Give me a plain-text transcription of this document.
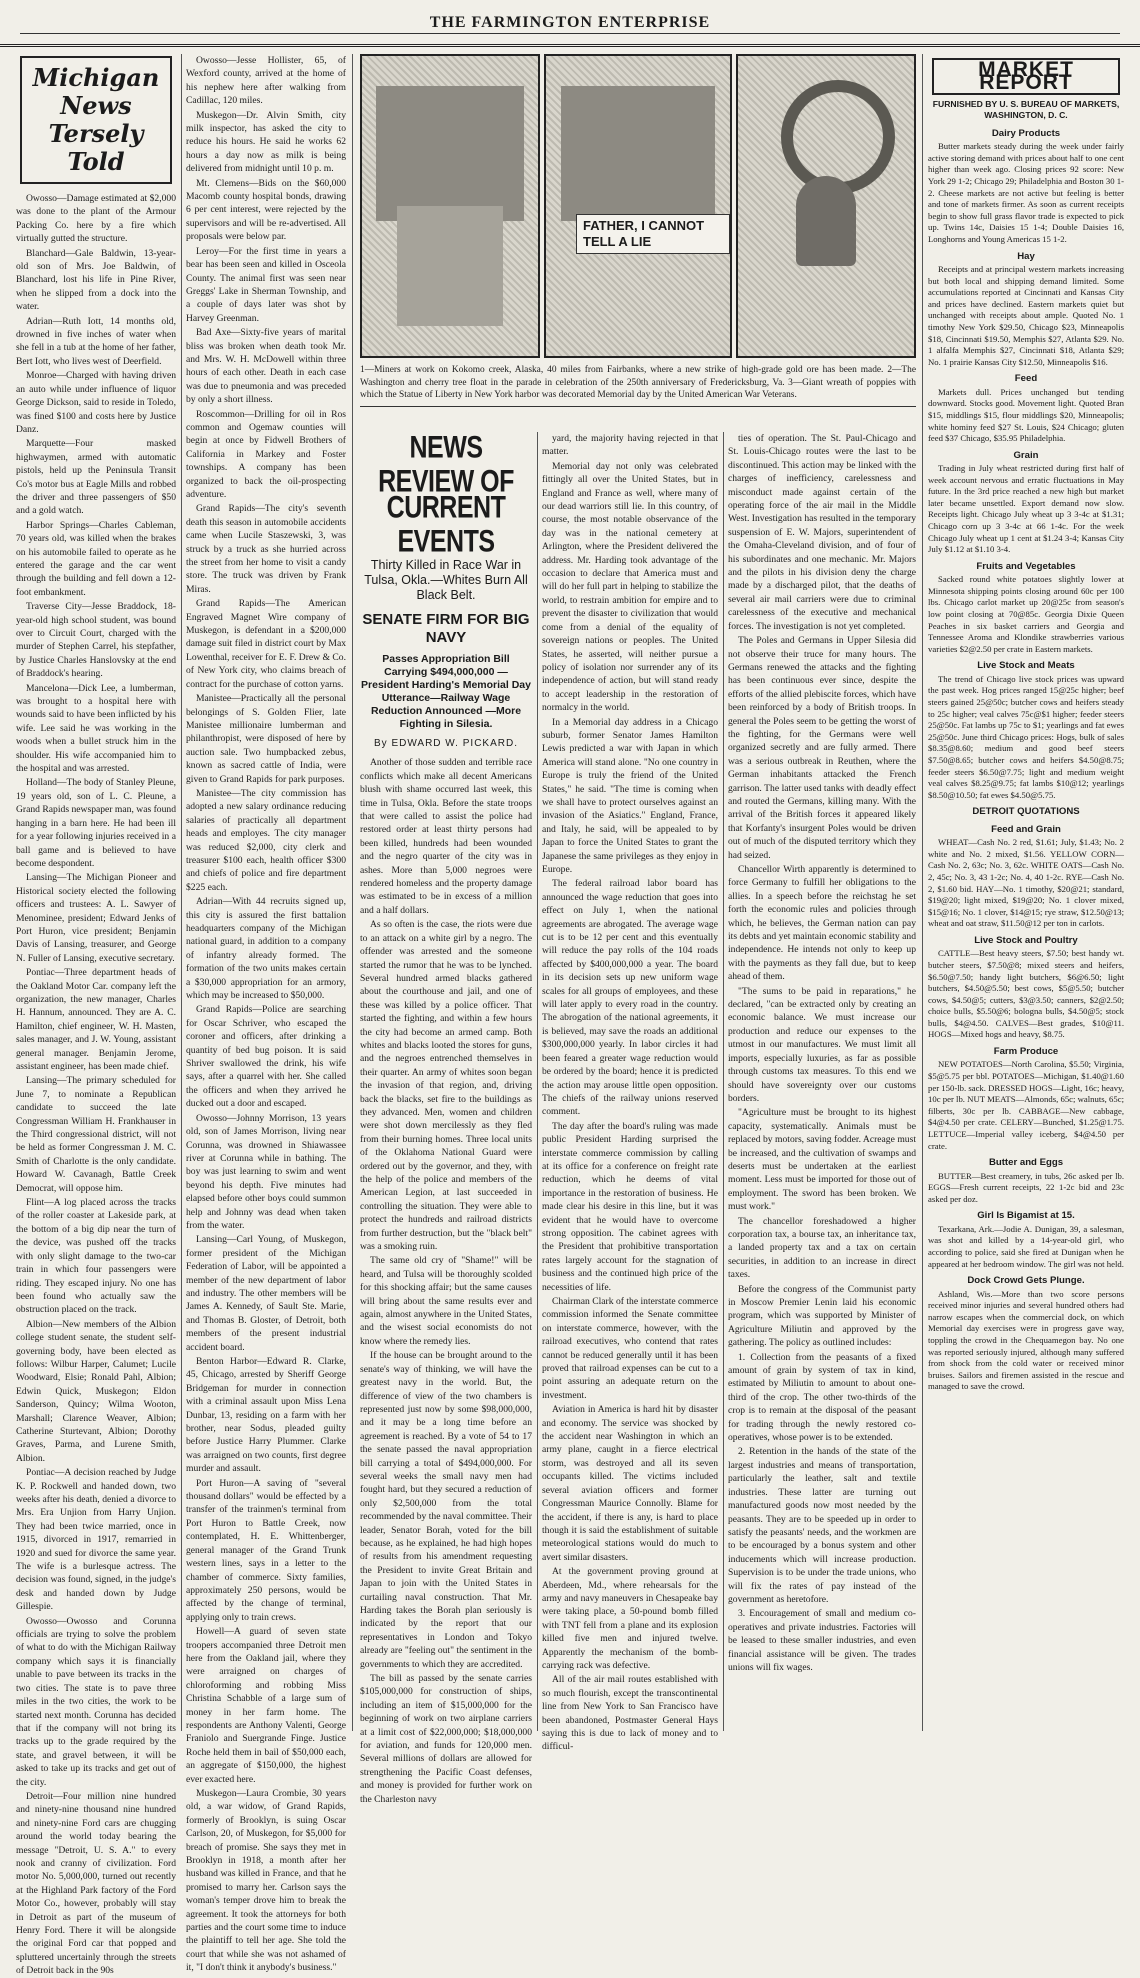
THE FARMINGTON ENTERPRISE
Michigan News
Tersely Told

Owosso—Damage estimated at $2,000 was done to the plant of the Armour Packing Co. here by a fire which virtually gutted the structure.

Blanchard—Gale Baldwin, 13-year-old son of Mrs. Joe Baldwin, of Blanchard, lost his life in Pine River, when he slipped from a dock into the water.

Adrian—Ruth Iott, 14 months old, drowned in five inches of water when she fell in a tub at the home of her father, Bert Iott, who lives west of Deerfield.

Monroe—Charged with having driven an auto while under influence of liquor George Dickson, said to reside in Toledo, was fined $100 and costs here by Justice Danz.

Marquette—Four masked highwaymen, armed with automatic pistols, held up the Peninsula Transit Co's motor bus at Eagle Mills and robbed the driver and three passengers of $50 and a gold watch.

Harbor Springs—Charles Cableman, 70 years old, was killed when the brakes on his automobile failed to operate as he entered the garage and the car went through the building and fell down a 12-foot embankment.

Traverse City—Jesse Braddock, 18-year-old high school student, was bound over to Circuit Court, charged with the murder of Stephen Carrel, his stepfather, by Justice Charles Hanslovsky at the end of Braddock's hearing.

Mancelona—Dick Lee, a lumberman, was brought to a hospital here with wounds said to have been inflicted by his wife. Lee said he was working in the woods when a bullet struck him in the shoulder. His wife accompanied him to the hospital and was arrested.

Holland—The body of Stanley Pleune, 19 years old, son of L. C. Pleune, a Grand Rapids newspaper man, was found hanging in a barn here. He had been ill for a year following injuries received in a ball game and is believed to have become despondent.

Lansing—The Michigan Pioneer and Historical society elected the following officers and trustees: A. L. Sawyer of Menominee, president; Edward Jenks of Port Huron, vice president; Benjamin Davis of Lansing, treasurer, and George N. Fuller of Lansing, executive secretary.

Pontiac—Three department heads of the Oakland Motor Car. company left the organization, the new manager, Charles H. Hannum, announced. They are A. C. Hamilton, chief engineer, W. H. Masten, sales manager, and J. W. Young, assistant general manager. Benjamin Jerome, assistant engineer, has been made chief.

Lansing—The primary scheduled for June 7, to nominate a Republican candidate to succeed the late Congressman William H. Frankhauser in the Third congressional district, will not be held as former Congressman J. M. C. Smith of Charlotte is the only candidate. Howard W. Cavanagh, Battle Creek Democrat, will oppose him.

Flint—A log placed across the tracks of the roller coaster at Lakeside park, at the bottom of a big dip near the turn of the device, was pushed off the tracks with only slight damage to the two-car train in which four passengers were riding. They escaped injury. No one has been found who actually saw the obstruction placed on the track.

Albion—New members of the Albion college student senate, the student self-governing body, have been elected as follows: Wilbur Harper, Calumet; Lucile Woodward, Elsie; Ronald Pahl, Albion; Edwin Quick, Muskegon; Eldon Sanderson, Quincy; Wilma Wooton, Marshall; Clarence Weaver, Albion; Catherine Sturtevant, Albion; Dorothy Graves, Parma, and Lurene Smith, Albion.

Pontiac—A decision reached by Judge K. P. Rockwell and handed down, two weeks after his death, denied a divorce to Mrs. Era Unjion from Harry Unjion. They had been twice married, once in 1915, divorced in 1917, remarried in 1920 and sued for divorce the same year. The wife is a burlesque actress. The decision was found, signed, in the judge's desk and handed down by Judge Gillespie.

Owosso—Owosso and Corunna officials are trying to solve the problem of what to do with the Michigan Railway company which says it is financially unable to pave between its tracks in the two cities. The state is to pave three miles in the two cities, the work to be started next month. Corunna has decided that if the company will not bring its tracks up to the grade required by the state, and gravel between, it will be asked to take up its tracks and get out of the city.

Detroit—Four million nine hundred and ninety-nine thousand nine hundred and ninety-nine Ford cars are chugging around the world today bearing the message "Detroit, U. S. A." to every nook and cranny of civilization. Ford motor No. 5,000,000, turned out recently at the Highland Park factory of the Ford Motor Co., however, probably will stay in Detroit as part of the museum of Henry Ford. There it will be alongside the original Ford car that popped and spluttered uncertainly through the streets of Detroit back in the 90s

Owosso—Jesse Hollister, 65, of Wexford county, arrived at the home of his nephew here after walking from Cadillac, 120 miles.

Muskegon—Dr. Alvin Smith, city milk inspector, has asked the city to reduce his hours. He said he works 62 hours a day now as milk is being delivered from midnight until 10 p. m.

Mt. Clemens—Bids on the $60,000 Macomb county hospital bonds, drawing 6 per cent interest, were rejected by the supervisors and will be re-advertised. All proposals were below par.

Leroy—For the first time in years a bear has been seen and killed in Osceola County. The animal first was seen near Greggs' Lake in Sherman Township, and a couple of days later was shot by Harvey Greenman.

Bad Axe—Sixty-five years of marital bliss was broken when death took Mr. and Mrs. W. H. McDowell within three hours of each other. Death in each case was due to pneumonia and was preceded by only a short illness.

Roscommon—Drilling for oil in Ros common and Ogemaw counties will begin at once by Fidwell Brothers of California in Markey and Foster townships. A company has been organized to back the oil-prospecting adventure.

Grand Rapids—The city's seventh death this season in automobile accidents came when Lucile Staszewski, 3, was struck by a truck as she hurried across the street from her home to visit a candy store. The truck was driven by Frank Miras.

Grand Rapids—The American Engraved Magnet Wire company of Muskegon, is defendant in a $200,000 damage suit filed in district court by Max Lowenthal, receiver for E. F. Drew & Co. of New York city, who claims breach of contract for the purchase of cotton yarns.

Manistee—Practically all the personal belongings of S. Golden Flier, late Manistee millionaire lumberman and philanthropist, were disposed of here by auction sale. Two humpbacked zebus, known as sacred cattle of India, were given to Grand Rapids for park purposes.

Manistee—The city commission has adopted a new salary ordinance reducing salaries of practically all department heads and employes. The city manager was reduced $2,000, city clerk and treasurer $100 each, health officer $300 and chiefs of police and fire department $225 each.

Adrian—With 44 recruits signed up, this city is assured the first battalion headquarters company of the Michigan national guard, in addition to a company of infantry already formed. The formation of the two units makes certain a $30,000 appropriation for an armory, which may be increased to $50,000.

Grand Rapids—Police are searching for Oscar Schriver, who escaped the coroner and officers, after drinking a quantity of bed bug poison. It is said Shriver swallowed the drink, his wife says, after a quarrel with her. She called the officers and when they arrived he ducked out a door and escaped.

Owosso—Johnny Morrison, 13 years old, son of James Morrison, living near Corunna, was drowned in Shiawassee river at Corunna while in bathing. The boy was just learning to swim and went beyond his depth. Five minutes had elapsed before other boys could summon help and Johnny was dead when taken from the water.

Lansing—Carl Young, of Muskegon, former president of the Michigan Federation of Labor, will be appointed a member of the new department of labor and industry. The other members will be James A. Kennedy, of Sault Ste. Marie, and Thomas B. Gloster, of Detroit, both members of the present industrial accident board.

Benton Harbor—Edward R. Clarke, 45, Chicago, arrested by Sheriff George Bridgeman for murder in connection with a criminal assault upon Miss Lena Dunbar, 13, residing on a farm with her brother, near Sodus, pleaded guilty before Justice Harry Plummer. Clarke was arraigned on two counts, first degree murder and assault.

Port Huron—A saving of "several thousand dollars" would be effected by a transfer of the trainmen's terminal from Port Huron to Battle Creek, now contemplated, H. E. Whittenberger, general manager of the Grand Trunk western lines, says in a letter to the chamber of commerce. Sixty families, approximately 250 persons, would be affected by the change of terminal, applying only to train crews.

Howell—A guard of seven state troopers accompanied three Detroit men here from the Oakland jail, where they were arraigned on charges of chloroforming and robbing Miss Christina Schabble of a large sum of money in her farm home. The respondents are Anthony Valenti, George Franiolo and Suergrande Finge. Justice Roche held them in bail of $50,000 each, an aggregate of $150,000, the highest ever exacted here.

Muskegon—Laura Crombie, 30 years old, a war widow, of Grand Rapids, formerly of Brooklyn, is suing Oscar Carlson, 20, of Muskegon, for $5,000 for breach of promise. She says they met in Brooklyn in 1918, a month after her husband was killed in France, and that he promised to marry her. Carlson says the woman's temper drove him to break the agreement. It took the attorneys for both parties and the court some time to induce the plaintiff to tell her age. She told the court that while she was not ashamed of it, "I don't think it anybody's business."

FATHER, I CANNOT TELL A LIE
1—Miners at work on Kokomo creek, Alaska, 40 miles from Fairbanks, where a new strike of high-grade gold ore has been made. 2—The Washington and cherry tree float in the parade in celebration of the 250th anniversary of Fredericksburg, Va. 3—Giant wreath of poppies with which the Statue of Liberty in New York harbor was decorated Memorial day by the United American War Veterans.
NEWS REVIEW OF
CURRENT EVENTS
Thirty Killed in Race War in Tulsa, Okla.—Whites Burn All Black Belt.
SENATE FIRM FOR BIG NAVY
Passes Appropriation Bill Carrying $494,000,000 — President Harding's Memorial Day Utterance—Railway Wage Reduction Announced —More Fighting in Silesia.
By EDWARD W. PICKARD.

Another of those sudden and terrible race conflicts which make all decent Americans blush with shame occurred last week, this time in Tulsa, Okla. Before the state troops that were called to assist the police had restored order at least thirty persons had been killed, hundreds had been wounded and the negro quarter of the city was in ashes. More than 5,000 negroes were rendered homeless and the property damage was estimated to be in excess of a million and a half dollars.

As so often is the case, the riots were due to an attack on a white girl by a negro. The offender was arrested and the someone started the rumor that he was to be lynched. Several hundred armed blacks gathered about the courthouse and jail, and one of these was killed by a police officer. That started the fighting, and within a few hours the city had become an armed camp. Both whites and blacks looted the stores for guns, and the negroes entrenched themselves in their quarter. An army of whites soon began the invasion of that region, and, driving back the blacks, set fire to the buildings as they advanced. Men, women and children were shot down mercilessly as they fled from their burning homes. Three local units of the Oklahoma National Guard were ordered out by the governor, and they, with the help of the police and members of the American Legion, at last succeeded in controlling the situation. They were able to protect the hundreds and railroad districts from further destruction, but the "black belt" was a smoking ruin.

The same old cry of "Shame!" will be heard, and Tulsa will be thoroughly scolded for this shocking affair; but the same causes will bring about the same results ever and again, almost anywhere in the United States, and the wisest social economists do not know where the remedy lies.

If the house can be brought around to the senate's way of thinking, we will have the greatest navy in the world. But, the difference of view of the two chambers is represented just now by some $98,000,000, and it may be a long time before an agreement is reached. By a vote of 54 to 17 the senate passed the naval appropriation bill carrying a total of $494,000,000. For several weeks the small navy men had fought hard, but they secured a reduction of only $2,500,000 from the total recommended by the naval committee. Their leader, Senator Borah, voted for the bill because, as he explained, he had high hopes of results from his amendment requesting the President to invite Great Britain and Japan to join with the United States in curtailing naval construction. That Mr. Harding takes the Borah plan seriously is indicated by the report that our representatives in London and Tokyo already are "feeling out" the sentiment in the governments to which they are accredited.

The bill as passed by the senate carries $105,000,000 for construction of ships, including an item of $15,000,000 for the beginning of work on two airplane carriers at a limit cost of $22,000,000; $18,000,000 for aviation, and funds for 120,000 men. Several millions of dollars are allowed for strengthening the Pacific Coast defenses, and money is provided for further work on the Charleston navy

yard, the majority having rejected in that matter.

Memorial day not only was celebrated fittingly all over the United States, but in England and France as well, where many of our dead warriors still lie. In this country, of course, the most notable observance of the day was in the national cemetery at Arlington, where the President delivered the address. Mr. Harding took advantage of the occasion to declare that America must and will do her full part in helping to stabilize the world, to restrain ambition for empire and to prevent the disaster to civilization that would come from a denial of the equality of sovereign nations or peoples. The United States, he asserted, will neither pursue a policy of isolation nor surrender any of its independence of action, but will stand ready to accept leadership in the restoration of normalcy in the world.

In a Memorial day address in a Chicago suburb, former Senator James Hamilton Lewis predicted a war with Japan in which America will stand alone. "No one country in Europe is truly the friend of the United States," he said. "The time is coming when we shall have to protect ourselves against an invasion of the Asiatics." England, France, and Italy, he said, will be appealed to by Japan to force the United States to grant the Japanese the same privileges as they enjoy in Europe.

The federal railroad labor board has announced the wage reduction that goes into effect on July 1, when the national agreements are abrogated. The average wage cut is to be 12 per cent and this eventually will reduce the pay rolls of the 104 roads affected by $400,000,000 a year. The board in its decision sets up new uniform wage scales for all groups of employees, and these will later apply to every road in the country. The abrogation of the national agreements, it is believed, may save the roads an additional $300,000,000 yearly. In labor circles it had been feared a greater wage reduction would be ordered by the board; hence it is predicted the action may arouse little open opposition. The chiefs of the railway unions reserved comment.

The day after the board's ruling was made public President Harding surprised the interstate commerce commission by calling at its office for a conference on freight rate reduction, which he deems of vital importance in the restoration of business. He made clear his desire in this line, but it was evident that he would have to overcome strong opposition. The cabinet agrees with the President that prohibitive transportation rates largely account for the stagnation of business and the continued high price of the necessities of life.

Chairman Clark of the interstate commerce commission informed the Senate committee on interstate commerce, however, with the railroad executives, who contend that rates cannot be reduced generally until it has been proved that railroad expenses can be cut to a point assuring an adequate return on the investment.

Aviation in America is hard hit by disaster and economy. The service was shocked by the accident near Washington in which an army plane, caught in a fierce electrical storm, was destroyed and all its seven occupants killed. The victims included several aviation officers and former Congressman Maurice Connolly. Blame for the accident, if there is any, is hard to place though it is said the establishment of suitable meteorological stations would do much to avert similar disasters.

At the government proving ground at Aberdeen, Md., where rehearsals for the army and navy maneuvers in Chesapeake bay were taking place, a 50-pound bomb filled with TNT fell from a plane and its explosion killed five men and injured twelve. Apparently the mechanism of the bomb-carrying rack was defective.

All of the air mail routes established with so much flourish, except the transcontinental line from New York to San Francisco have been abandoned, Postmaster General Hays saying this is due to lack of money and to difficul-

ties of operation. The St. Paul-Chicago and St. Louis-Chicago routes were the last to be discontinued. This action may be linked with the charges of inefficiency, carelessness and misconduct made against certain of the operating force of the air mail in the Middle West. Investigation has resulted in the temporary suspension of E. W. Majors, superintendent of the Omaha-Cleveland division, and of four of his subordinates and one mechanic. Mr. Majors and the pilots in his division deny the charge made by a discharged pilot, that the deaths of several air mail carriers were due to criminal carelessness of the executive and mechanical forces. The investigation is not yet completed.

The Poles and Germans in Upper Silesia did not observe their truce for many hours. The Germans renewed the attacks and the fighting has been continuous ever since, despite the efforts of the allied plebiscite forces, which have been reinforced by a body of British troops. In general the Poles seem to be getting the worst of the fighting, for the Germans were well organized secretly and are fully armed. There was a serious outbreak in Reuthen, where the German inhabitants attacked the French garrison. The latter used tanks with deadly effect and routed the Germans, killing many. With the arrival of the British forces it appeared likely that Korfanty's insurgent Poles would be driven out of much of the disputed territory which they had seized.

Chancellor Wirth apparently is determined to force Germany to fulfill her obligations to the allies. In a speech before the reichstag he set forth the economic rules and policies through which, he believes, the German nation can pay its debts and yet maintain economic stability and independence. He intends not only to keep up with the payments as they fall due, but to keep ahead of them.

"The sums to be paid in reparations," he declared, "can be extracted only by creating an economic balance. We must increase our production and reduce our expenses to the utmost in our manufactures. We must limit all imports, especially luxuries, as far as possible through customs tax measures. To this end we should have sovereignty over our customs borders.

"Agriculture must be brought to its highest capacity, systematically. Animals must be replaced by motors, saving fodder. Acreage must be increased, and the cultivation of swamps and deserts must be undertaken at the earliest moment. Less must be imported for those out of employment. The sword has been broken. We must work."

The chancellor foreshadowed a higher corporation tax, a bourse tax, an inheritance tax, a landed property tax and a tax on certain securities, in addition to an increase in direct taxes.

Before the congress of the Communist party in Moscow Premier Lenin laid his economic program, which was supported by Minister of Agriculture Miliutin and approved by the gathering. The policy as outlined includes:

1. Collection from the peasants of a fixed amount of grain by system of tax in kind, estimated by Miliutin to amount to about one-third of the crop. The other two-thirds of the crop is to remain at the disposal of the peasant for trading through the newly restored co-operatives, whose power is to be extended.

2. Retention in the hands of the state of the largest industries and means of transportation, particularly the leather, salt and textile industries. These latter are turning out manufactured goods now most needed by the peasants. They are to be speeded up in order to satisfy the peasants' needs, and the workmen are to be encouraged by a bonus system and other inducements which will increase production. Supervision is to be under the trade unions, who will fix the rates of pay instead of the government as heretofore.

3. Encouragement of small and medium co-operatives and private industries. Factories will be leased to these smaller industries, and even financial assistance will be given. The trades unions will fix wages.

MARKET REPORT
FURNISHED BY U. S. BUREAU OF MARKETS, WASHINGTON, D. C.
Dairy Products

Butter markets steady during the week under fairly active storing demand with prices about half to one cent higher than week ago. Closing prices 92 score: New York 29 1-2; Chicago 29; Philadelphia and Boston 30 1-2. Cheese markets are not active but feeling is better and tone of markets firmer. As soon as current receipts begin to show full grass flavor trade is expected to pick up. Twins 14c, Daisies 15 1-4; Double Daisies 16, Longhorns and Young Americas 15 1-2.

Hay

Receipts and at principal western markets increasing but both local and shipping demand limited. Some accumulations reported at Cincinnati and Kansas City and prices have declined. Eastern markets quiet but unchanged with receipts about ample. Quoted No. 1 timothy New York $29.50, Chicago $23, Minneapolis $18, Cincinnati $19.50, Memphis $27, Atlanta $29. No. 1 alfalfa Memphis $27, Cincinnati $18, Atlanta $29; No. 1 prairie Kansas City $12.50, Minneapolis $16.

Feed

Markets dull. Prices unchanged but tending downward. Stocks good. Movement light. Quoted Bran $15, middlings $15, flour middlings $20, Minneapolis; white hominy feed $27 St. Louis, $24 Chicago; gluten feed $37 Chicago, $35.95 Philadelphia.

Grain

Trading in July wheat restricted during first half of week account nervous and erratic fluctuations in May future. In the 3rd price reached a new high but market later became unsettled. Export demand now slow. Receipts light. Chicago July wheat up 3 3-4c at $1.31; Chicago corn up 3 3-4c at 66 1-4c. For the week Chicago July wheat up 1 cent at $1.24 3-4; Kansas City July $1.12 at $1.10 3-4.

Fruits and Vegetables

Sacked round white potatoes slightly lower at Minnesota shipping points closing around 60c per 100 lbs. Chicago carlot market up 20@25c from season's low point closing at 70@85c. Georgia Dixie Queen Peaches in six basket carriers and Georgia and Tennessee Aroma and Klondike strawberries various varieties $2@2.50 per crate in Eastern markets.

Live Stock and Meats

The trend of Chicago live stock prices was upward the past week. Hog prices ranged 15@25c higher; beef steers gained 25@50c; butcher cows and heifers steady to 25c higher; veal calves 75c@$1 higher; feeder steers 25@50c. Fat lambs up 75c to $1; yearlings and fat ewes 25@50c. June third Chicago prices: Hogs, bulk of sales $8.35@8.60; medium and good beef steers $7.50@8.65; butcher cows and heifers $4.50@8.75; feeder steers $6.50@7.75; light and medium weight veal calves $8.25@9.75; fat lambs $10@12; yearlings $8.50@10.50; fat ewes $4.50@5.75.

DETROIT QUOTATIONS
Feed and Grain

WHEAT—Cash No. 2 red, $1.61; July, $1.43; No. 2 white and No. 2 mixed, $1.56. YELLOW CORN—Cash No. 2, 63c; No. 3, 62c. WHITE OATS—Cash No. 2, 45c; No. 3, 43 1-2c; No. 4, 40 1-2c. RYE—Cash No. 2, $1.60 bid. HAY—No. 1 timothy, $20@21; standard, $19@20; light mixed, $19@20; No. 1 clover mixed, $15@16; No. 1 clover, $14@15; rye straw, $12.50@13; wheat and oat straw, $11.50@12 per ton in carlots.

Live Stock and Poultry

CATTLE—Best heavy steers, $7.50; best handy wt. butcher steers, $7.50@8; mixed steers and heifers, $6.50@7.50; handy light butchers, $6@6.50; light butchers, $4.50@5.50; best cows, $5@5.50; butcher cows, $4.50@5; cutters, $3@3.50; canners, $2@2.50; choice bulls, $5.50@6; bologna bulls, $4.50@5; stock bulls, $4@4.50. CALVES—Best grades, $10@11. HOGS—Mixed hogs and heavy, $8.75.

Farm Produce

NEW POTATOES—North Carolina, $5.50; Virginia, $5@5.75 per bbl. POTATOES—Michigan, $1.40@1.60 per 150-lb. sack. DRESSED HOGS—Light, 16c; heavy, 10c per lb. NUT MEATS—Almonds, 65c; walnuts, 65c; filberts, 30c per lb. CABBAGE—New cabbage, $4@4.50 per crate. CELERY—Bunched, $1.25@1.75. LETTUCE—Imperial valley iceberg, $4@4.50 per crate.

Butter and Eggs

BUTTER—Best creamery, in tubs, 26c asked per lb. EGGS—Fresh current receipts, 22 1-2c bid and 23c asked per doz.

Girl Is Bigamist at 15.

Texarkana, Ark.—Jodie A. Dunigan, 39, a salesman, was shot and killed by a 14-year-old girl, who according to police, said she fired at Dunigan when he appeared at her bedroom window. The girl was not held.

Dock Crowd Gets Plunge.

Ashland, Wis.—More than two score persons received minor injuries and several hundred others had narrow escapes when the commercial dock, on which Memorial day exercises were in progress gave way, toppling the crowd in the Chequamegon bay. No one was reported seriously injured, although many suffered from shock from the cold water or received minor bruises. Sailors and firemen assisted in the rescue and managed to save the crowd.
